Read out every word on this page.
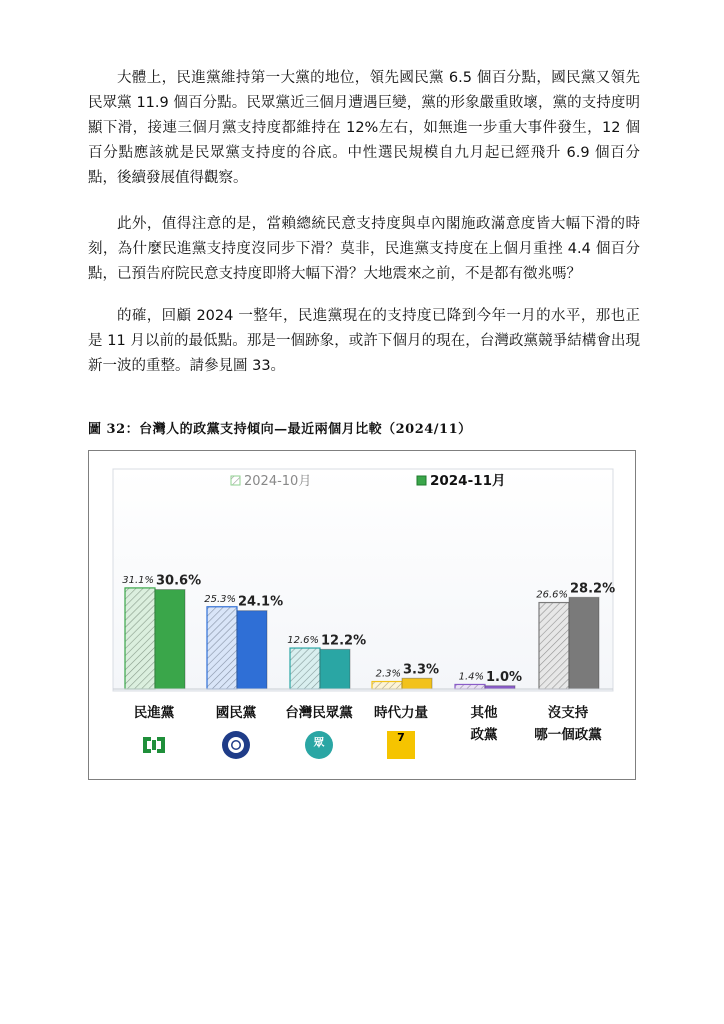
大體上，民進黨維持第一大黨的地位，領先國民黨 6.5 個百分點，國民黨又領先民眾黨 11.9 個百分點。民眾黨近三個月遭遇巨變，黨的形象嚴重敗壞，黨的支持度明顯下滑，接連三個月黨支持度都維持在 12%左右，如無進一步重大事件發生，12 個百分點應該就是民眾黨支持度的谷底。中性選民規模自九月起已經飛升 6.9 個百分點，後續發展值得觀察。

此外，值得注意的是，當賴總統民意支持度與卓內閣施政滿意度皆大幅下滑的時刻，為什麼民進黨支持度沒同步下滑？莫非，民進黨支持度在上個月重挫 4.4 個百分點，已預告府院民意支持度即將大幅下滑？大地震來之前，不是都有徵兆嗎？

的確，回顧 2024 一整年，民進黨現在的支持度已降到今年一月的水平，那也正是 11 月以前的最低點。那是一個跡象，或許下個月的現在，台灣政黨競爭結構會出現新一波的重整。請參見圖 33。

圖 32：台灣人的政黨支持傾向—最近兩個月比較（2024/11）
2024-10月	2024-11月
31.1% 30.6%
25.3% 24.1%
12.6% 12.2%
2.3% 3.3% 1.4% 1.0%
26.6% 28.2%
民進黨	國民黨	台灣民眾黨
眾
時代力量
7
其他
政黨
沒支持
哪一個政黨
